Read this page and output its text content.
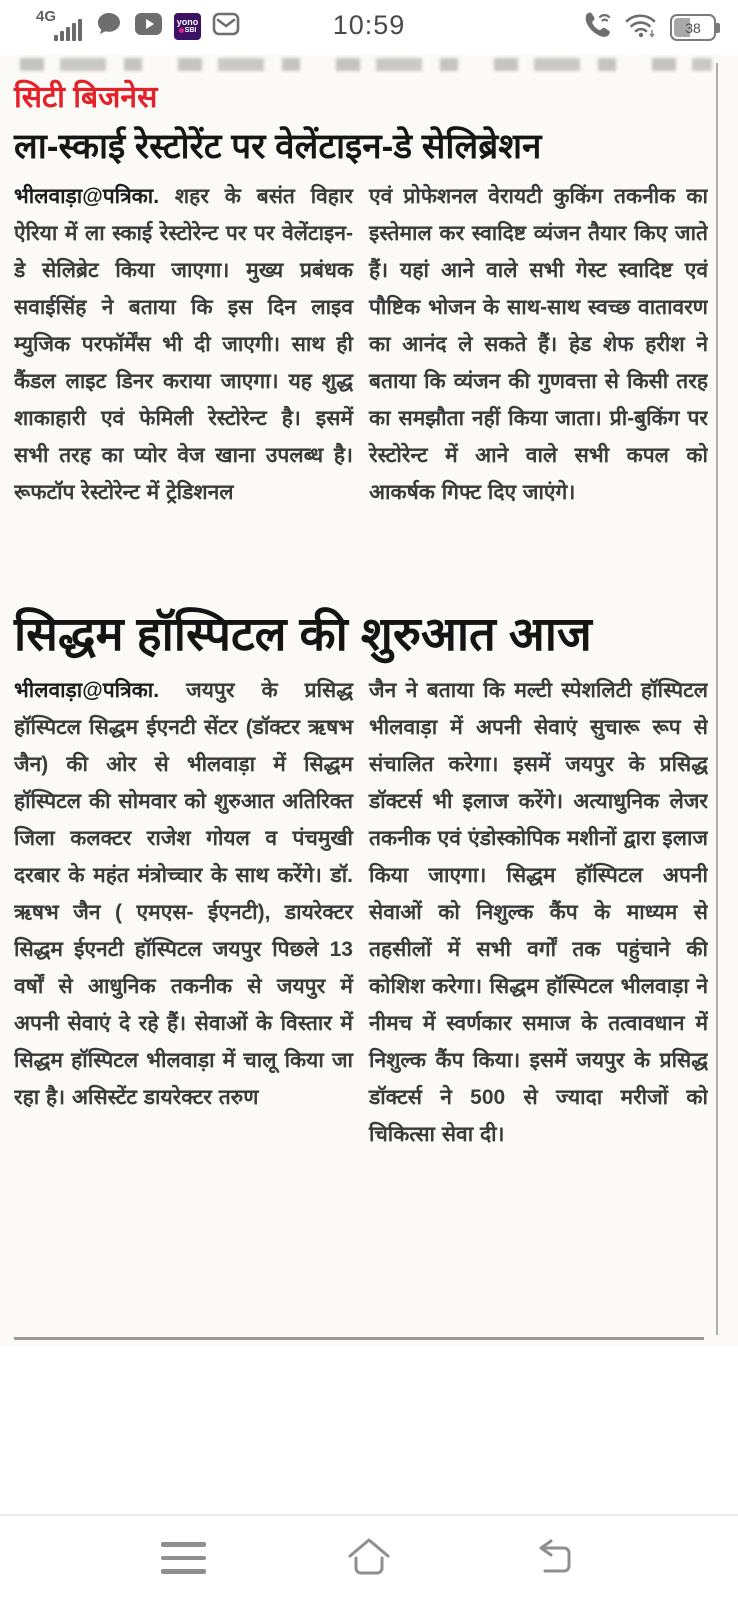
4G	yono
SBI	10:59	38
सिटी बिजनेस
ला-स्काई रेस्टोरेंट पर वेलेंटाइन-डे सेलिब्रेशन

भीलवाड़ा@पत्रिका. शहर के बसंत विहार ऐरिया में ला स्काई रेस्टोरेन्ट पर पर वेलेंटाइन-डे सेलिब्रेट किया जाएगा। मुख्य प्रबंधक सवाईसिंह ने बताया कि इस दिन लाइव म्युजिक परफॉर्मेंस भी दी जाएगी। साथ ही कैंडल लाइट डिनर कराया जाएगा। यह शुद्ध शाकाहारी एवं फेमिली रेस्टोरेन्ट है। इसमें सभी तरह का प्योर वेज खाना उपलब्ध है। रूफटॉप रेस्टोरेन्ट में ट्रेडिशनल

एवं प्रोफेशनल वेरायटी कुकिंग तकनीक का इस्तेमाल कर स्वादिष्ट व्यंजन तैयार किए जाते हैं। यहां आने वाले सभी गेस्ट स्वादिष्ट एवं पौष्टिक भोजन के साथ-साथ स्वच्छ वातावरण का आनंद ले सकते हैं। हेड शेफ हरीश ने बताया कि व्यंजन की गुणवत्ता से किसी तरह का समझौता नहीं किया जाता। प्री-बुकिंग पर रेस्टोरेन्ट में आने वाले सभी कपल को आकर्षक गिफ्ट दिए जाएंगे।

सिद्धम हॉस्पिटल की शुरुआत आज

भीलवाड़ा@पत्रिका. जयपुर के प्रसिद्ध हॉस्पिटल सिद्धम ईएनटी सेंटर (डॉक्टर ऋषभ जैन) की ओर से भीलवाड़ा में सिद्धम हॉस्पिटल की सोमवार को शुरुआत अतिरिक्त जिला कलक्टर राजेश गोयल व पंचमुखी दरबार के महंत मंत्रोच्चार के साथ करेंगे। डॉ. ऋषभ जैन ( एमएस- ईएनटी), डायरेक्टर सिद्धम ईएनटी हॉस्पिटल जयपुर पिछले 13 वर्षों से आधुनिक तकनीक से जयपुर में अपनी सेवाएं दे रहे हैं। सेवाओं के विस्तार में सिद्धम हॉस्पिटल भीलवाड़ा में चालू किया जा रहा है। असिस्टेंट डायरेक्टर तरुण

जैन ने बताया कि मल्टी स्पेशलिटी हॉस्पिटल भीलवाड़ा में अपनी सेवाएं सुचारू रूप से संचालित करेगा। इसमें जयपुर के प्रसिद्ध डॉक्टर्स भी इलाज करेंगे। अत्याधुनिक लेजर तकनीक एवं एंडोस्कोपिक मशीनों द्वारा इलाज किया जाएगा। सिद्धम हॉस्पिटल अपनी सेवाओं को निशुल्क कैंप के माध्यम से तहसीलों में सभी वर्गों तक पहुंचाने की कोशिश करेगा। सिद्धम हॉस्पिटल भीलवाड़ा ने नीमच में स्वर्णकार समाज के तत्वावधान में निशुल्क कैंप किया। इसमें जयपुर के प्रसिद्ध डॉक्टर्स ने 500 से ज्यादा मरीजों को चिकित्सा सेवा दी।
